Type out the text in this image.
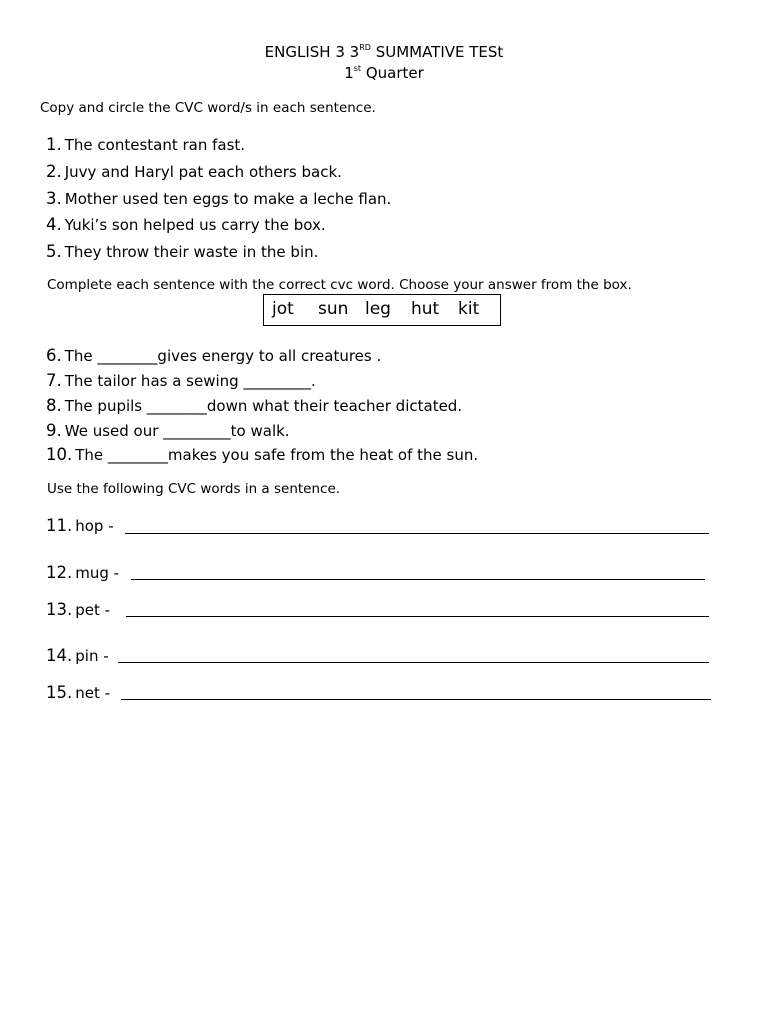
ENGLISH 3 3RD SUMMATIVE TESt
1st Quarter
Copy and circle the CVC word/s in each sentence.
1. The contestant ran fast.
2. Juvy and Haryl pat each others back.
3. Mother used ten eggs to make a leche flan.
4. Yuki’s son helped us carry the box.
5. They throw their waste in the bin.
Complete each sentence with the correct cvc word. Choose your answer from the box.
jot sun leg hut kit
6. The ________gives energy to all creatures .
7. The tailor has a sewing _________.
8. The pupils ________down what their teacher dictated.
9. We used our _________to walk.
10. The ________makes you safe from the heat of the sun.
Use the following CVC words in a sentence.
11. hop -
12. mug -
13. pet -
14. pin -
15. net -
